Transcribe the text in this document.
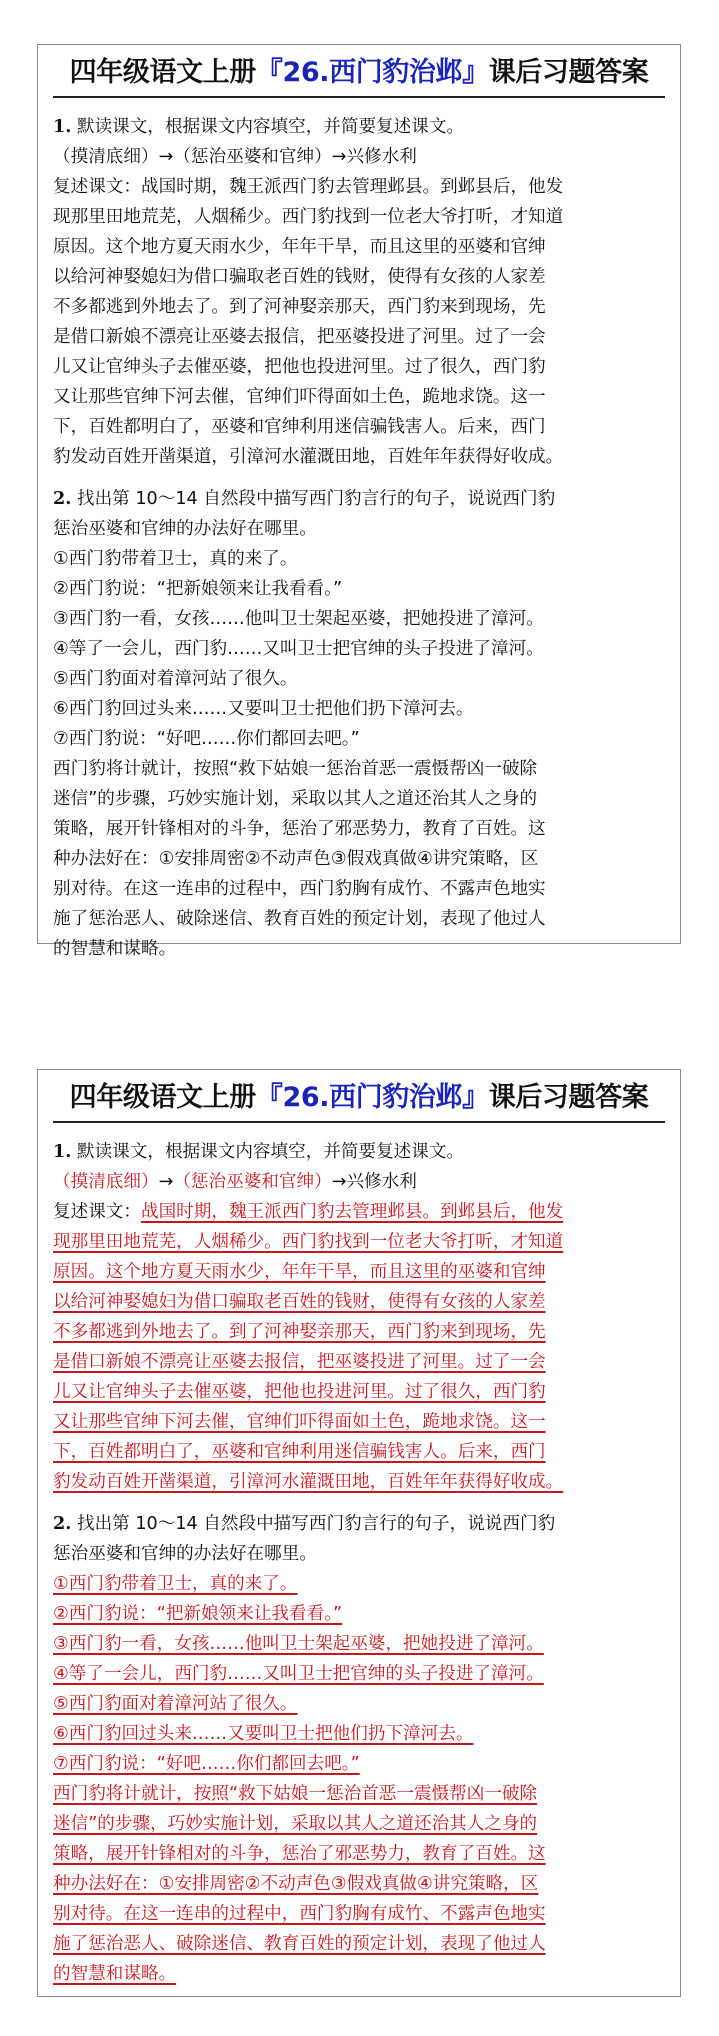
四年级语文上册『26.西门豹治邺』课后习题答案
1. 默读课文，根据课文内容填空，并简要复述课文。
（摸清底细）→（惩治巫婆和官绅）→兴修水利
复述课文：战国时期，魏王派西门豹去管理邺县。到邺县后，他发
现那里田地荒芜，人烟稀少。西门豹找到一位老大爷打听，才知道
原因。这个地方夏天雨水少，年年干旱，而且这里的巫婆和官绅
以给河神娶媳妇为借口骗取老百姓的钱财，使得有女孩的人家差
不多都逃到外地去了。到了河神娶亲那天，西门豹来到现场，先
是借口新娘不漂亮让巫婆去报信，把巫婆投进了河里。过了一会
儿又让官绅头子去催巫婆，把他也投进河里。过了很久，西门豹
又让那些官绅下河去催，官绅们吓得面如土色，跪地求饶。这一
下，百姓都明白了，巫婆和官绅利用迷信骗钱害人。后来，西门
豹发动百姓开凿渠道，引漳河水灌溉田地，百姓年年获得好收成。
2. 找出第 10～14 自然段中描写西门豹言行的句子，说说西门豹
惩治巫婆和官绅的办法好在哪里。
①西门豹带着卫士，真的来了。
②西门豹说：“把新娘领来让我看看。”
③西门豹一看，女孩……他叫卫士架起巫婆，把她投进了漳河。
④等了一会儿，西门豹……又叫卫士把官绅的头子投进了漳河。
⑤西门豹面对着漳河站了很久。
⑥西门豹回过头来……又要叫卫士把他们扔下漳河去。
⑦西门豹说：“好吧……你们都回去吧。”
西门豹将计就计，按照“救下姑娘一惩治首恶一震慑帮凶一破除
迷信”的步骤，巧妙实施计划，采取以其人之道还治其人之身的
策略，展开针锋相对的斗争，惩治了邪恶势力，教育了百姓。这
种办法好在：①安排周密②不动声色③假戏真做④讲究策略，区
别对待。在这一连串的过程中，西门豹胸有成竹、不露声色地实
施了惩治恶人、破除迷信、教育百姓的预定计划，表现了他过人
的智慧和谋略。
四年级语文上册『26.西门豹治邺』课后习题答案
1. 默读课文，根据课文内容填空，并简要复述课文。
（摸清底细）→（惩治巫婆和官绅）→兴修水利
复述课文：战国时期，魏王派西门豹去管理邺县。到邺县后，他发
现那里田地荒芜，人烟稀少。西门豹找到一位老大爷打听，才知道
原因。这个地方夏天雨水少，年年干旱，而且这里的巫婆和官绅
以给河神娶媳妇为借口骗取老百姓的钱财，使得有女孩的人家差
不多都逃到外地去了。到了河神娶亲那天，西门豹来到现场，先
是借口新娘不漂亮让巫婆去报信，把巫婆投进了河里。过了一会
儿又让官绅头子去催巫婆，把他也投进河里。过了很久，西门豹
又让那些官绅下河去催，官绅们吓得面如土色，跪地求饶。这一
下，百姓都明白了，巫婆和官绅利用迷信骗钱害人。后来，西门
豹发动百姓开凿渠道，引漳河水灌溉田地，百姓年年获得好收成。
2. 找出第 10～14 自然段中描写西门豹言行的句子，说说西门豹
惩治巫婆和官绅的办法好在哪里。
①西门豹带着卫士，真的来了。
②西门豹说：“把新娘领来让我看看。”
③西门豹一看，女孩……他叫卫士架起巫婆，把她投进了漳河。
④等了一会儿，西门豹……又叫卫士把官绅的头子投进了漳河。
⑤西门豹面对着漳河站了很久。
⑥西门豹回过头来……又要叫卫士把他们扔下漳河去。
⑦西门豹说：“好吧……你们都回去吧。”
西门豹将计就计，按照“救下姑娘一惩治首恶一震慑帮凶一破除
迷信”的步骤，巧妙实施计划，采取以其人之道还治其人之身的
策略，展开针锋相对的斗争，惩治了邪恶势力，教育了百姓。这
种办法好在：①安排周密②不动声色③假戏真做④讲究策略，区
别对待。在这一连串的过程中，西门豹胸有成竹、不露声色地实
施了惩治恶人、破除迷信、教育百姓的预定计划，表现了他过人
的智慧和谋略。
